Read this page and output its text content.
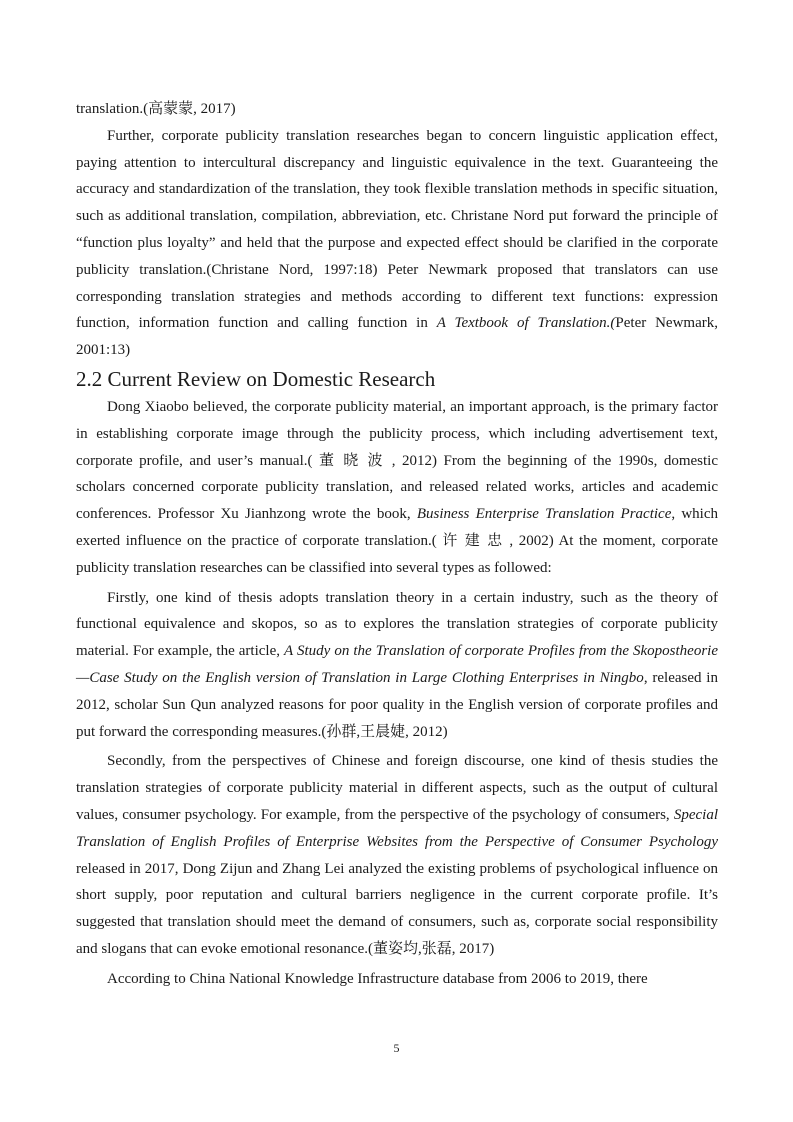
translation.(高蒙蒙, 2017)

Further, corporate publicity translation researches began to concern linguistic application effect, paying attention to intercultural discrepancy and linguistic equivalence in the text. Guaranteeing the accuracy and standardization of the translation, they took flexible translation methods in specific situation, such as additional translation, compilation, abbreviation, etc. Christane Nord put forward the principle of “function plus loyalty” and held that the purpose and expected effect should be clarified in the corporate publicity translation.(Christane Nord, 1997:18) Peter Newmark proposed that translators can use corresponding translation strategies and methods according to different text functions: expression function, information function and calling function in A Textbook of Translation.(Peter Newmark, 2001:13)

2.2 Current Review on Domestic Research

Dong Xiaobo believed, the corporate publicity material, an important approach, is the primary factor in establishing corporate image through the publicity process, which including advertisement text, corporate profile, and user’s manual.( 董 晓 波 , 2012) From the beginning of the 1990s, domestic scholars concerned corporate publicity translation, and released related works, articles and academic conferences. Professor Xu Jianhzong wrote the book, Business Enterprise Translation Practice, which exerted influence on the practice of corporate translation.( 许 建 忠 , 2002) At the moment, corporate publicity translation researches can be classified into several types as followed:

Firstly, one kind of thesis adopts translation theory in a certain industry, such as the theory of functional equivalence and skopos, so as to explores the translation strategies of corporate publicity material. For example, the article, A Study on the Translation of corporate Profiles from the Skopostheorie—Case Study on the English version of Translation in Large Clothing Enterprises in Ningbo, released in 2012, scholar Sun Qun analyzed reasons for poor quality in the English version of corporate profiles and put forward the corresponding measures.(孙群,王晨婕, 2012)

Secondly, from the perspectives of Chinese and foreign discourse, one kind of thesis studies the translation strategies of corporate publicity material in different aspects, such as the output of cultural values, consumer psychology. For example, from the perspective of the psychology of consumers, Special Translation of English Profiles of Enterprise Websites from the Perspective of Consumer Psychology released in 2017, Dong Zijun and Zhang Lei analyzed the existing problems of psychological influence on short supply, poor reputation and cultural barriers negligence in the current corporate profile. It’s suggested that translation should meet the demand of consumers, such as, corporate social responsibility and slogans that can evoke emotional resonance.(董姿均,张磊, 2017)

According to China National Knowledge Infrastructure database from 2006 to 2019, there

5
